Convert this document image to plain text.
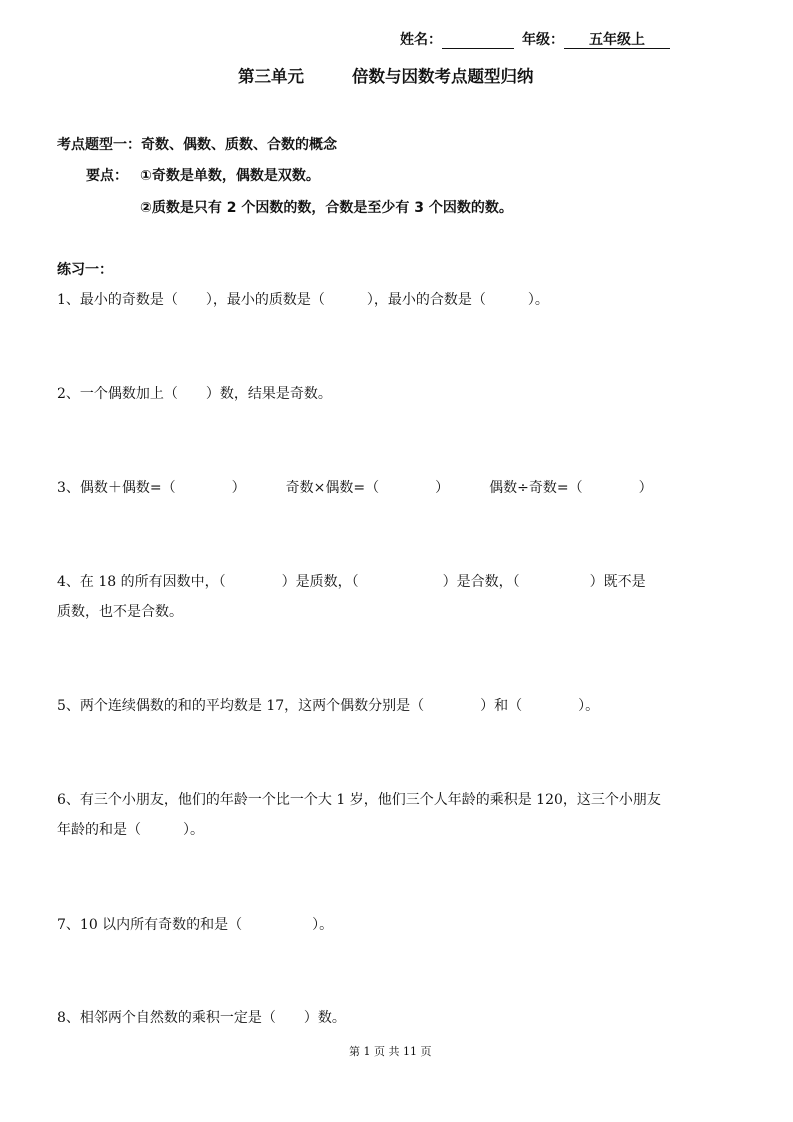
姓名：	年级：	五年级上
第三单元	倍数与因数考点题型归纳
考点题型一：奇数、偶数、质数、合数的概念
要点： ①奇数是单数，偶数是双数。
②质数是只有 2 个因数的数，合数是至少有 3 个因数的数。
练习一：
1、最小的奇数是（　　），最小的质数是（　　　），最小的合数是（　　　）。
2、一个偶数加上（　　）数，结果是奇数。
3、偶数＋偶数=（　　　　）	奇数×偶数=（　　　　）	偶数÷奇数=（　　　　）
4、在 18 的所有因数中，（　　　　）是质数，（　　　　　　）是合数，（　　　　　）既不是
质数，也不是合数。
5、两个连续偶数的和的平均数是 17，这两个偶数分别是（　　　　）和（　　　　）。
6、有三个小朋友，他们的年龄一个比一个大 1 岁，他们三个人年龄的乘积是 120，这三个小朋友
年龄的和是（　　　）。
7、10 以内所有奇数的和是（　　　　　）。
8、相邻两个自然数的乘积一定是（　　）数。
第 1 页 共 11 页
